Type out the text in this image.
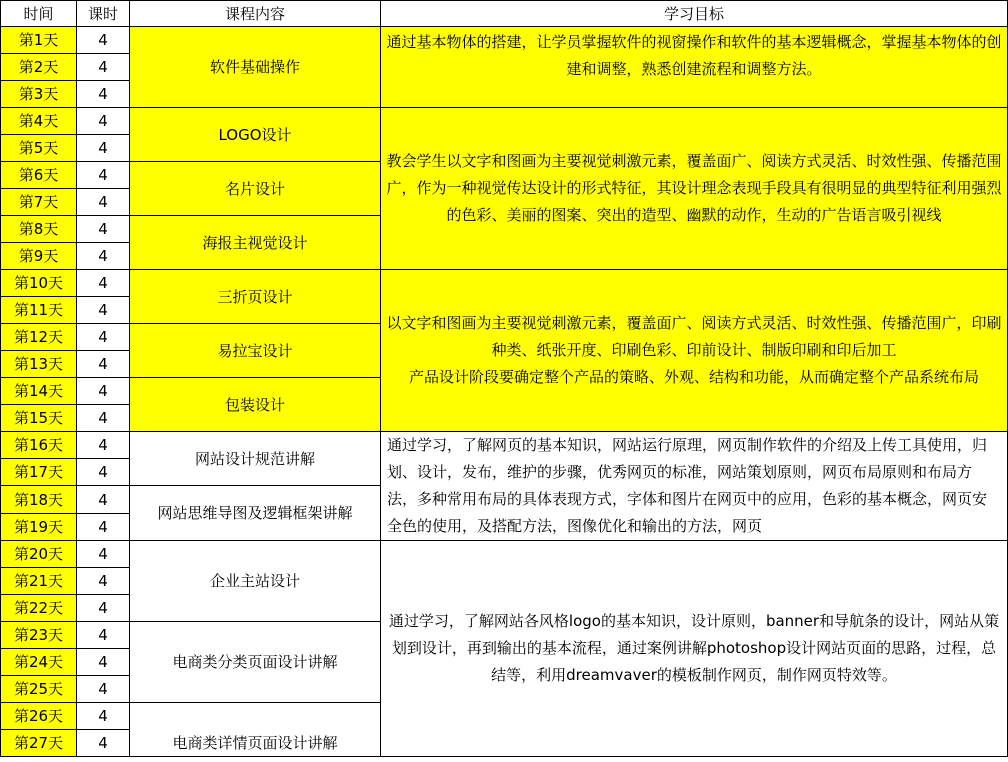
时间	课时	课程内容	学习目标
第1天	4	软件基础操作	通过基本物体的搭建，让学员掌握软件的视窗操作和软件的基本逻辑概念，掌握基本物体的创建和调整，熟悉创建流程和调整方法。
第2天	4		
第3天	4		
第4天	4	LOGO设计	教会学生以文字和图画为主要视觉刺激元素，覆盖面广、阅读方式灵活、时效性强、传播范围广，作为一种视觉传达设计的形式特征，其设计理念表现手段具有很明显的典型特征利用强烈的色彩、美丽的图案、突出的造型、幽默的动作，生动的广告语言吸引视线
第5天	4		
第6天	4	名片设计	
第7天	4		
第8天	4	海报主视觉设计	
第9天	4		
第10天	4	三折页设计	以文字和图画为主要视觉刺激元素，覆盖面广、阅读方式灵活、时效性强、传播范围广，印刷种类、纸张开度、印刷色彩、印前设计、制版印刷和印后加工
产品设计阶段要确定整个产品的策略、外观、结构和功能，从而确定整个产品系统布局

第11天	4		
第12天	4	易拉宝设计	
第13天	4		
第14天	4	包装设计	
第15天	4		
第16天	4	网站设计规范讲解	通过学习，了解网页的基本知识，网站运行原理，网页制作软件的介绍及上传工具使用，归划、设计，发布，维护的步骤，优秀网页的标准，网站策划原则，网页布局原则和布局方法，多种常用布局的具体表现方式，字体和图片在网页中的应用，色彩的基本概念，网页安全色的使用，及搭配方法，图像优化和输出的方法，网页
第17天	4		
第18天	4	网站思维导图及逻辑框架讲解	
第19天	4		
第20天	4	企业主站设计	通过学习，了解网站各风格logo的基本知识，设计原则，banner和导航条的设计，网站从策划到设计，再到输出的基本流程，通过案例讲解photoshop设计网站页面的思路，过程，总结等，利用dreamvaver的模板制作网页，制作网页特效等。
第21天	4		
第22天	4		
第23天	4	电商类分类页面设计讲解	
第24天	4		
第25天	4		
第26天	4	电商类详情页面设计讲解	
第27天	4		
